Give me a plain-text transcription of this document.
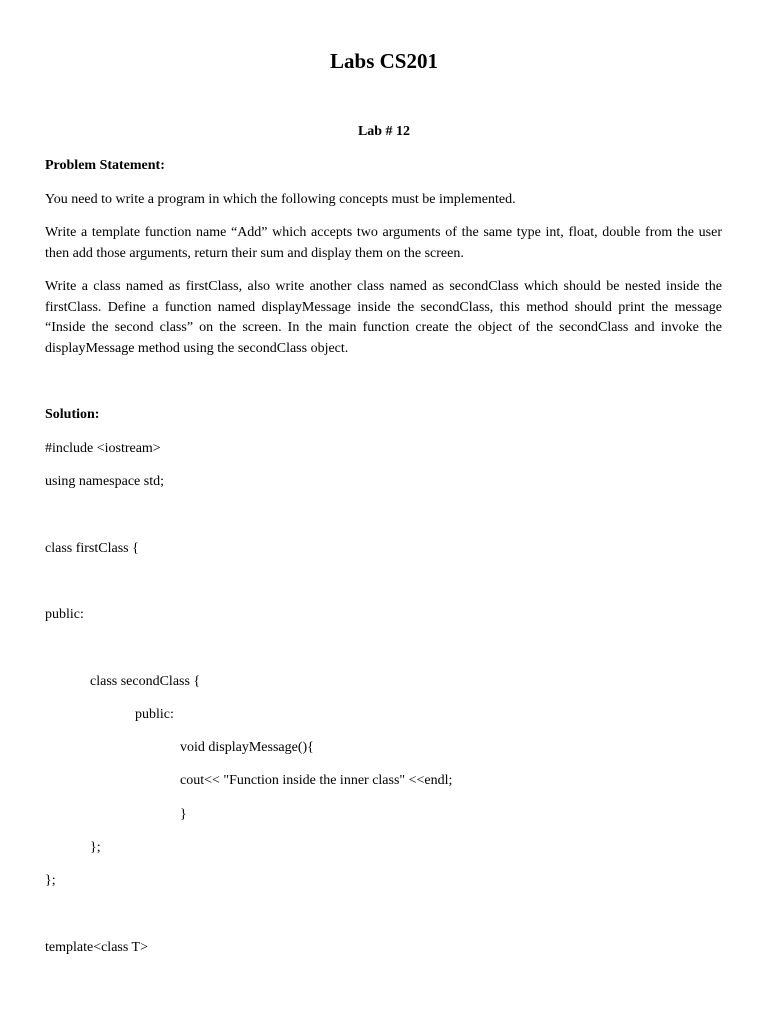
Labs CS201
Lab # 12
Problem Statement:
You need to write a program in which the following concepts must be implemented.
Write a template function name “Add” which accepts two arguments of the same type int, float, double from the user then add those arguments, return their sum and display them on the screen.
Write a class named as firstClass, also write another class named as secondClass which should be nested inside the firstClass. Define a function named displayMessage inside the secondClass, this method should print the message “Inside the second class” on the screen. In the main function create the object of the secondClass and invoke the displayMessage method using the secondClass object.
Solution:
#include <iostream>
using namespace std;
class firstClass {
public:
class secondClass {
public:
void displayMessage(){
cout<< "Function inside the inner class" <<endl;
}
};
};
template<class T>
